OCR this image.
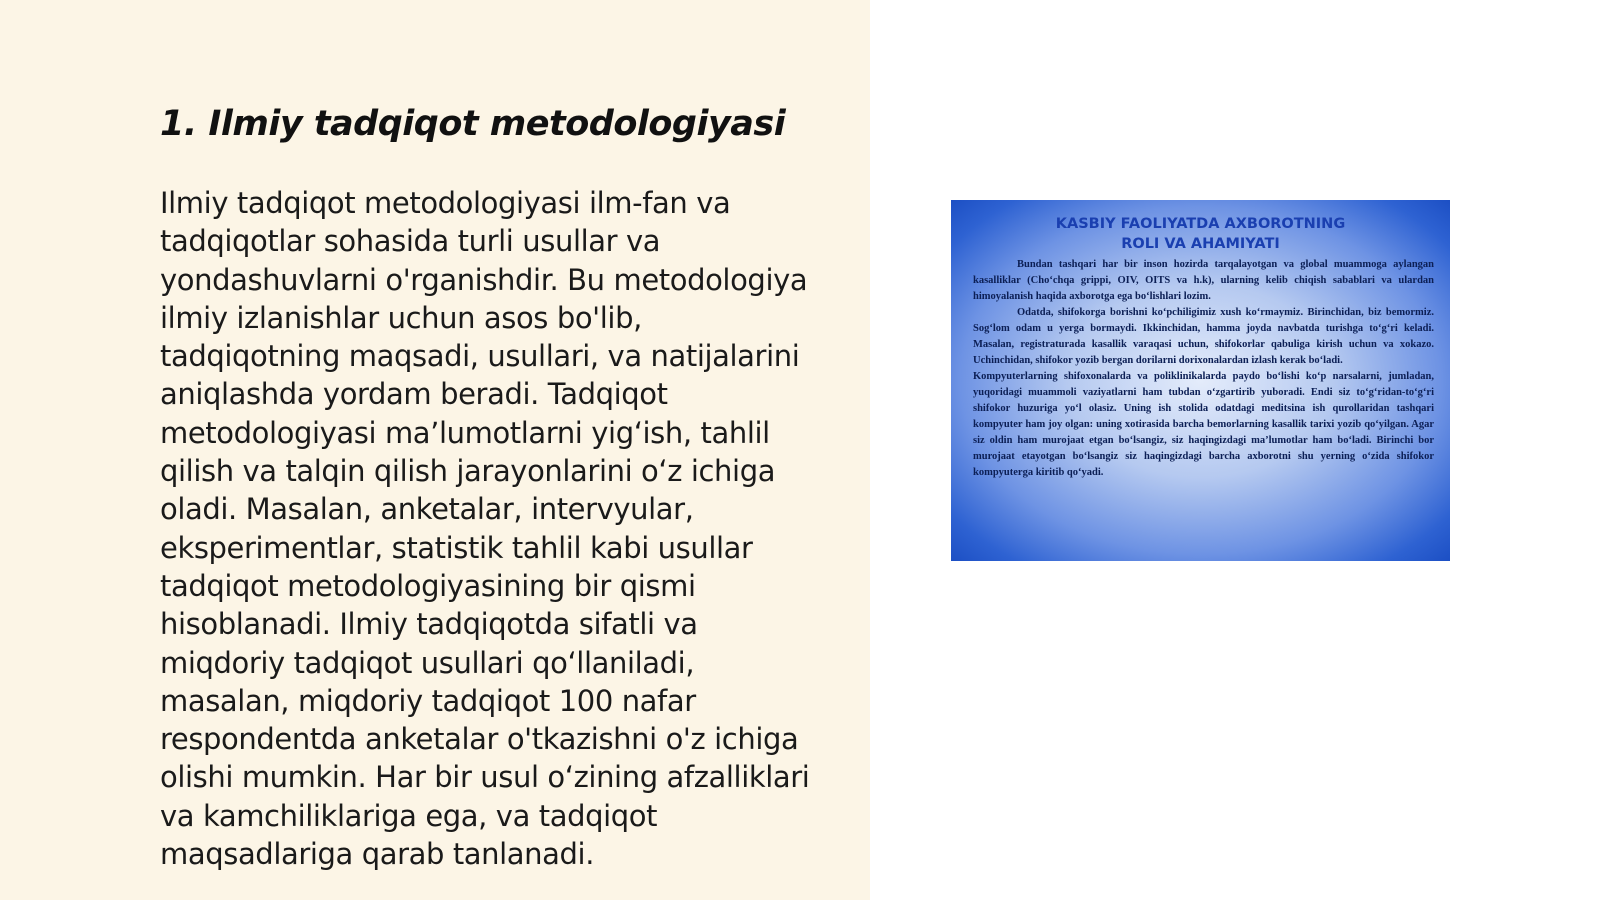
1. Ilmiy tadqiqot metodologiyasi

Ilmiy tadqiqot metodologiyasi ilm-fan va tadqiqotlar sohasida turli usullar va yondashuvlarni o'rganishdir. Bu metodologiya ilmiy izlanishlar uchun asos bo'lib, tadqiqotning maqsadi, usullari, va natijalarini aniqlashda yordam beradi. Tadqiqot metodologiyasi ma’lumotlarni yig‘ish, tahlil qilish va talqin qilish jarayonlarini o‘z ichiga oladi. Masalan, anketalar, intervyular, eksperimentlar, statistik tahlil kabi usullar tadqiqot metodologiyasining bir qismi hisoblanadi. Ilmiy tadqiqotda sifatli va miqdoriy tadqiqot usullari qo‘llaniladi, masalan, miqdoriy tadqiqot 100 nafar respondentda anketalar o'tkazishni o'z ichiga olishi mumkin. Har bir usul o‘zining afzalliklari va kamchiliklariga ega, va tadqiqot maqsadlariga qarab tanlanadi.

KASBIY FAOLIYATDA AXBOROTNING
ROLI VA AHAMIYATI

Bundan tashqari har bir inson hozirda tarqalayotgan va global muammoga aylangan kasalliklar (Cho‘chqa grippi, OIV, OITS va h.k), ularning kelib chiqish sabablari va ulardan himoyalanish haqida axborotga ega bo‘lishlari lozim.

Odatda, shifokorga borishni ko‘pchiligimiz xush ko‘rmaymiz. Birinchidan, biz bemormiz. Sog‘lom odam u yerga bormaydi. Ikkinchidan, hamma joyda navbatda turishga to‘g‘ri keladi. Masalan, registraturada kasallik varaqasi uchun, shifokorlar qabuliga kirish uchun va xokazo. Uchinchidan, shifokor yozib bergan dorilarni dorixonalardan izlash kerak bo‘ladi.

Kompyuterlarning shifoxonalarda va poliklinikalarda paydo bo‘lishi ko‘p narsalarni, jumladan, yuqoridagi muammoli vaziyatlarni ham tubdan o‘zgartirib yuboradi. Endi siz to‘g‘ridan-to‘g‘ri shifokor huzuriga yo‘l olasiz. Uning ish stolida odatdagi meditsina ish qurollaridan tashqari kompyuter ham joy olgan: uning xotirasida barcha bemorlarning kasallik tarixi yozib qo‘yilgan. Agar siz oldin ham murojaat etgan bo‘lsangiz, siz haqingizdagi ma’lumotlar ham bo‘ladi. Birinchi bor murojaat etayotgan bo‘lsangiz siz haqingizdagi barcha axborotni shu yerning o‘zida shifokor kompyuterga kiritib qo‘yadi.
